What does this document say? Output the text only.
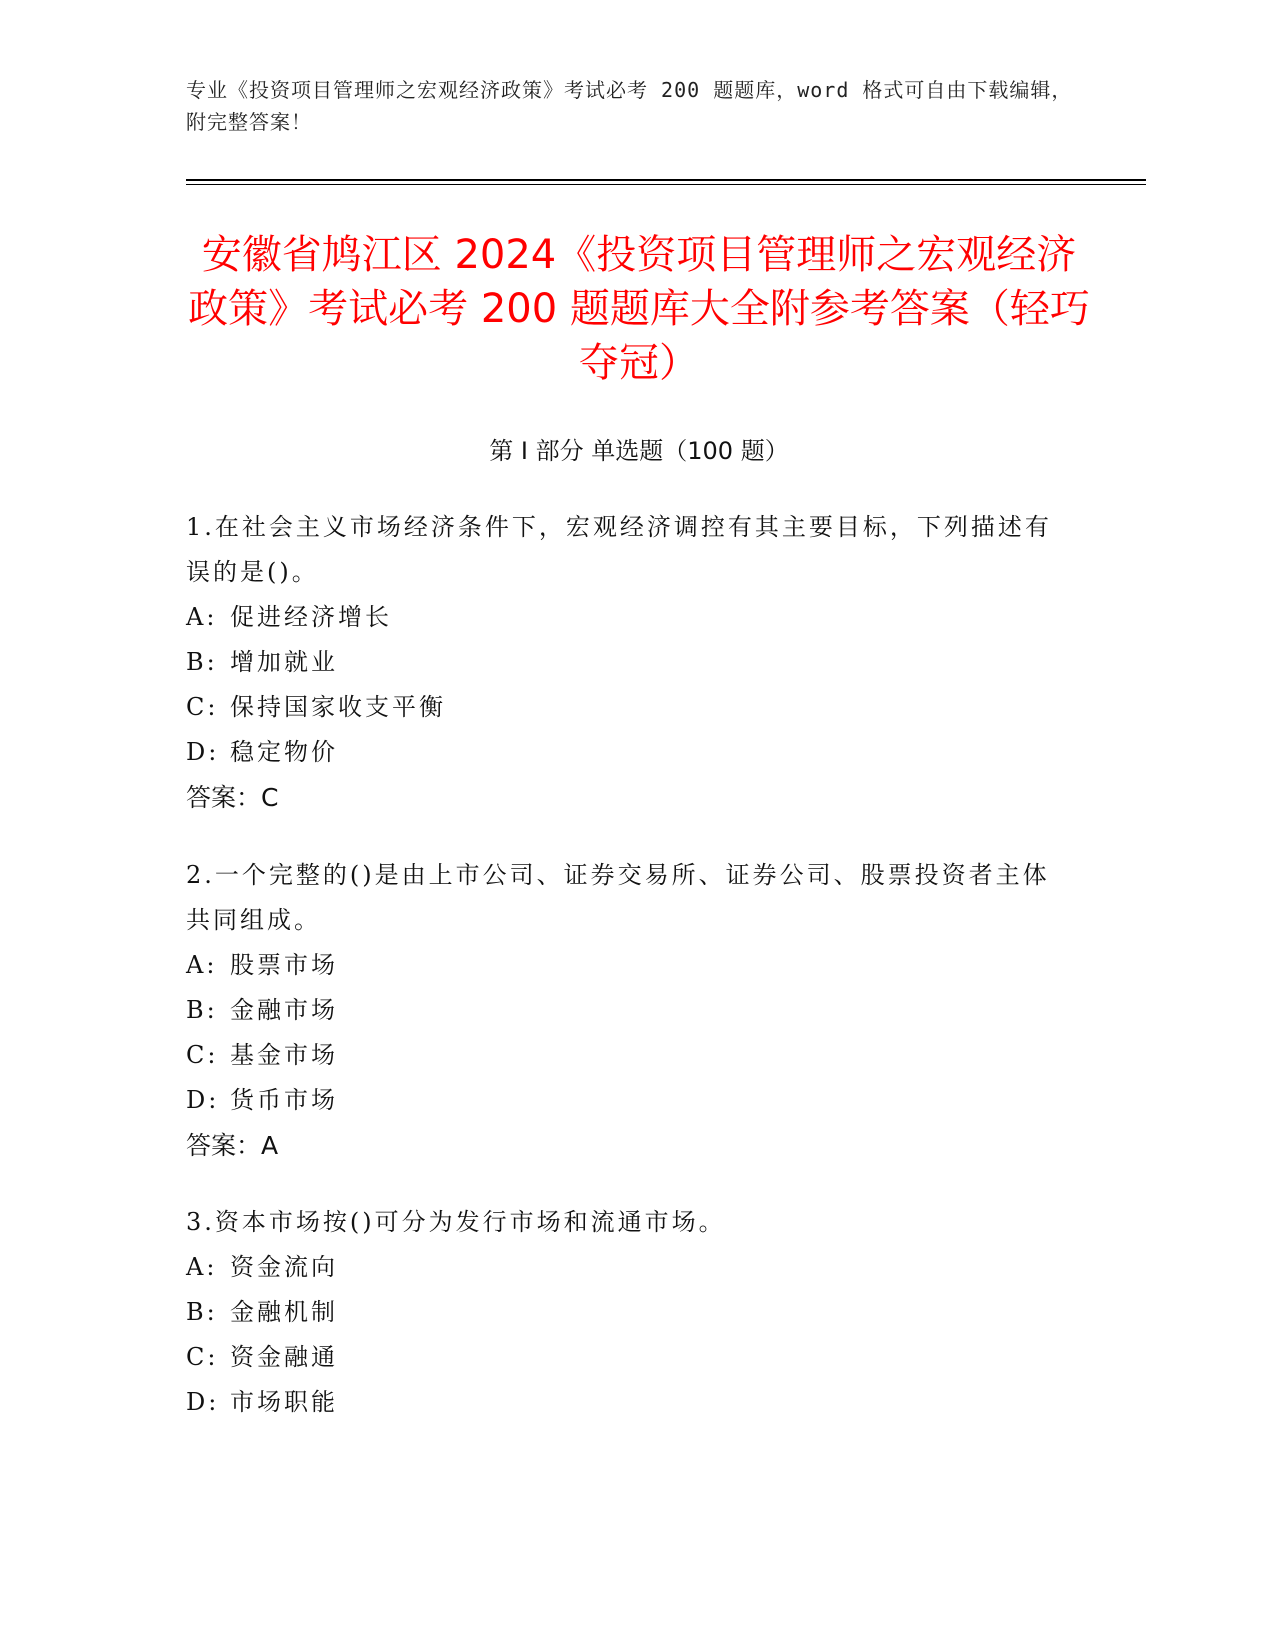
专业《投资项目管理师之宏观经济政策》考试必考 200 题题库，word 格式可自由下载编辑，附完整答案！
安徽省鸠江区 2024《投资项目管理师之宏观经济政策》考试必考 200 题题库大全附参考答案（轻巧夺冠）
第 I 部分 单选题（100 题）

1.在社会主义市场经济条件下，宏观经济调控有其主要目标，下列描述有误的是()。

A: 促进经济增长

B: 增加就业

C: 保持国家收支平衡

D: 稳定物价

答案：C

2.一个完整的()是由上市公司、证券交易所、证券公司、股票投资者主体共同组成。

A: 股票市场

B: 金融市场

C: 基金市场

D: 货币市场

答案：A

3.资本市场按()可分为发行市场和流通市场。

A: 资金流向

B: 金融机制

C: 资金融通

D: 市场职能
